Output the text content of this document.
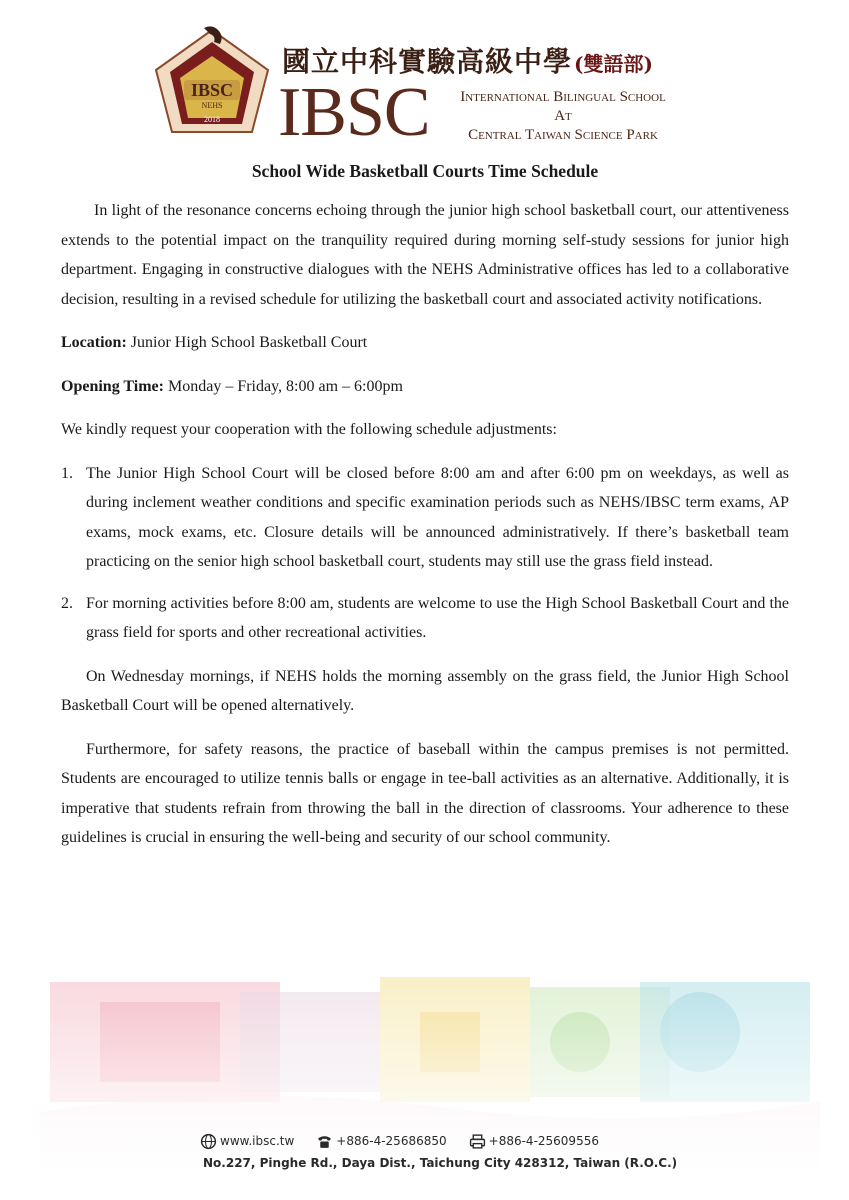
IBSC
NEHS
2018
國立中科實驗高級中學 (雙語部)
IBSC	International Bilingual School
At
Central Taiwan Science Park
School Wide Basketball Courts Time Schedule

In light of the resonance concerns echoing through the junior high school basketball court, our attentiveness extends to the potential impact on the tranquility required during morning self-study sessions for junior high department. Engaging in constructive dialogues with the NEHS Administrative offices has led to a collaborative decision, resulting in a revised schedule for utilizing the basketball court and associated activity notifications.

Location: Junior High School Basketball Court

Opening Time: Monday – Friday, 8:00 am – 6:00pm

We kindly request your cooperation with the following schedule adjustments:

1. The Junior High School Court will be closed before 8:00 am and after 6:00 pm on weekdays, as well as during inclement weather conditions and specific examination periods such as NEHS/IBSC term exams, AP exams, mock exams, etc. Closure details will be announced administratively. If there’s basketball team practicing on the senior high school basketball court, students may still use the grass field instead.
2. For morning activities before 8:00 am, students are welcome to use the High School Basketball Court and the grass field for sports and other recreational activities.

On Wednesday mornings, if NEHS holds the morning assembly on the grass field, the Junior High School Basketball Court will be opened alternatively.

Furthermore, for safety reasons, the practice of baseball within the campus premises is not permitted. Students are encouraged to utilize tennis balls or engage in tee-ball activities as an alternative. Additionally, it is imperative that students refrain from throwing the ball in the direction of classrooms. Your adherence to these guidelines is crucial in ensuring the well-being and security of our school community.

www.ibsc.tw	+886-4-25686850	+886-4-25609556
No.227, Pinghe Rd., Daya Dist., Taichung City 428312, Taiwan (R.O.C.)
